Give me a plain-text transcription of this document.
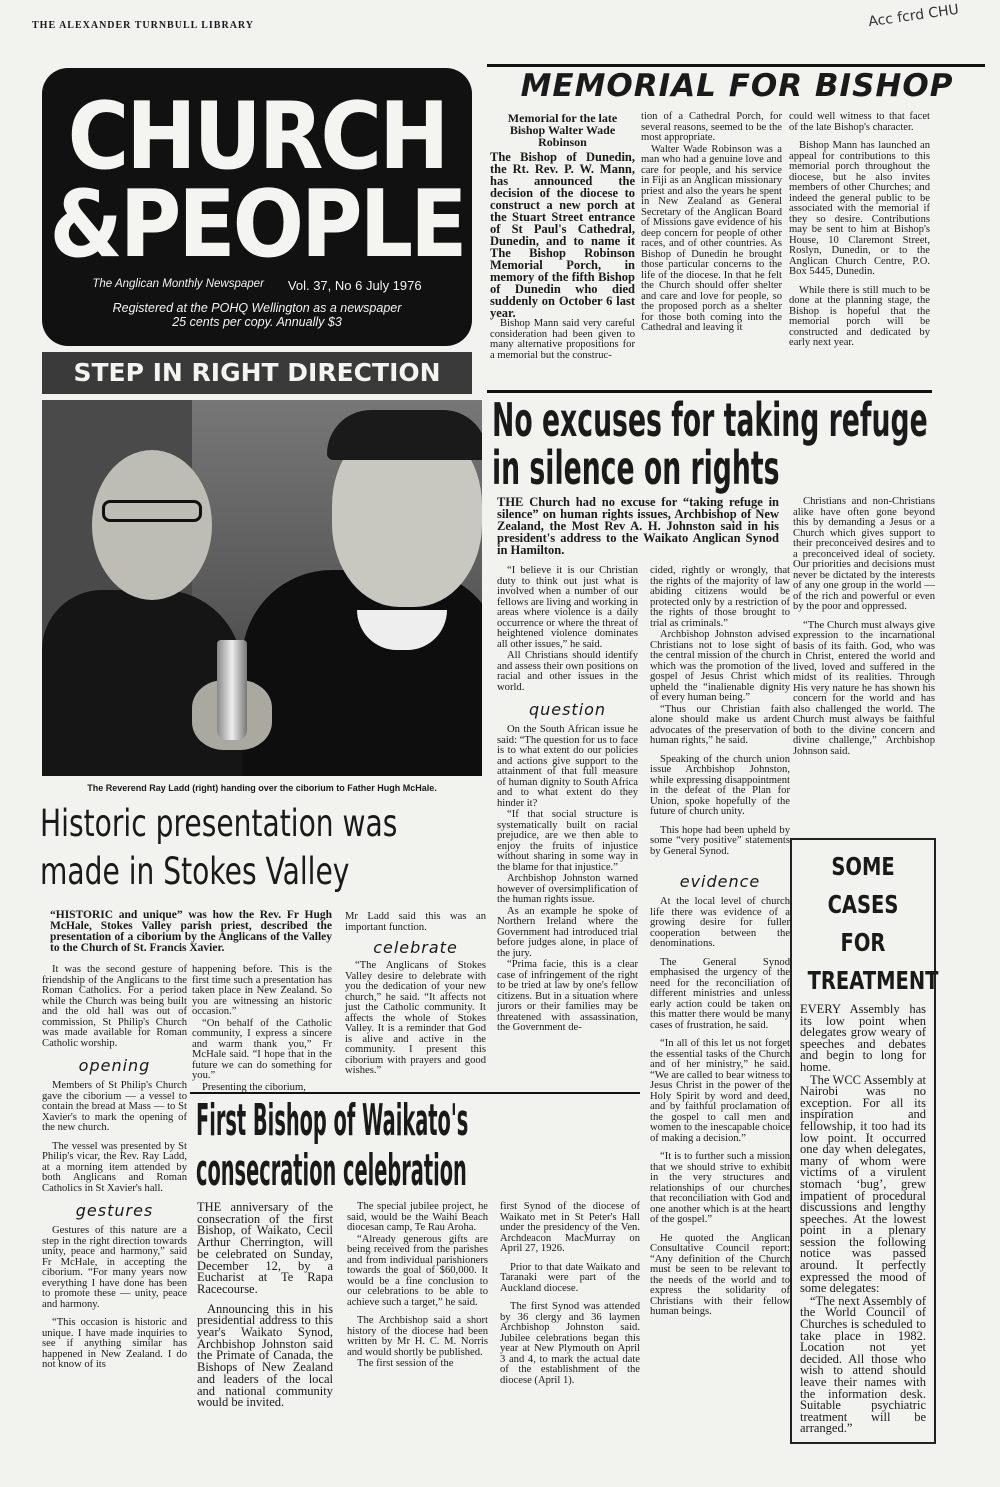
THE ALEXANDER TURNBULL LIBRARY	Acc fcrd CHU
CHURCH
&PEOPLE
The Anglican Monthly Newspaper Vol. 37, No 6 July 1976
Registered at the POHQ Wellington as a newspaper
25 cents per copy. Annually $3
STEP IN RIGHT DIRECTION
The Reverend Ray Ladd (right) handing over the ciborium to Father Hugh McHale.
MEMORIAL FOR BISHOP
Memorial for the late Bishop Walter Wade Robinson
The Bishop of Dunedin, the Rt. Rev. P. W. Mann, has announced the decision of the diocese to construct a new porch at the Stuart Street entrance of St Paul's Cathedral, Dunedin, and to name it The Bishop Robinson Memorial Porch, in memory of the fifth Bishop of Dunedin who died suddenly on October 6 last year.

Bishop Mann said very careful consideration had been given to many alternative propositions for a memorial but the construc-

tion of a Cathedral Porch, for several reasons, seemed to be the most appropriate.

Walter Wade Robinson was a man who had a genuine love and care for people, and his service in Fiji as an Anglican missionary priest and also the years he spent in New Zealand as General Secretary of the Anglican Board of Missions gave evidence of his deep concern for people of other races, and of other countries. As Bishop of Dunedin he brought those particular concerns to the life of the diocese. In that he felt the Church should offer shelter and care and love for people, so the proposed porch as a shelter for those both coming into the Cathedral and leaving it

could well witness to that facet of the late Bishop's character.

Bishop Mann has launched an appeal for contributions to this memorial porch throughout the diocese, but he also invites members of other Churches; and indeed the general public to be associated with the memorial if they so desire. Contributions may be sent to him at Bishop's House, 10 Claremont Street, Roslyn, Dunedin, or to the Anglican Church Centre, P.O. Box 5445, Dunedin.

While there is still much to be done at the planning stage, the Bishop is hopeful that the memorial porch will be constructed and dedicated by early next year.

No excuses for taking refuge
in silence on rights
THE Church had no excuse for “taking refuge in silence” on human rights issues, Archbishop of New Zealand, the Most Rev A. H. Johnston said in his president's address to the Waikato Anglican Synod in Hamilton.

“I believe it is our Christian duty to think out just what is involved when a number of our fellows are living and working in areas where violence is a daily occurrence or where the threat of heightened violence dominates all other issues,” he said.

All Christians should identify and assess their own positions on racial and other issues in the world.

question

On the South African issue he said: “The question for us to face is to what extent do our policies and actions give support to the attainment of that full measure of human dignity to South Africa and to what extent do they hinder it?

“If that social structure is systematically built on racial prejudice, are we then able to enjoy the fruits of injustice without sharing in some way in the blame for that injustice.”

Archbishop Johnston warned however of oversimplification of the human rights issue.

As an example he spoke of Northern Ireland where the Government had introduced trial before judges alone, in place of the jury.

“Prima facie, this is a clear case of infringement of the right to be tried at law by one's fellow citizens. But in a situation where jurors or their families may be threatened with assassination, the Government de-

cided, rightly or wrongly, that the rights of the majority of law abiding citizens would be protected only by a restriction of the rights of those brought to trial as criminals.”

Archbishop Johnston advised Christians not to lose sight of the central mission of the church which was the promotion of the gospel of Jesus Christ which upheld the “inalienable dignity of every human being.”

“Thus our Christian faith alone should make us ardent advocates of the preservation of human rights,” he said.

Speaking of the church union issue Archbishop Johnston, while expressing disappointment in the defeat of the Plan for Union, spoke hopefully of the future of church unity.

This hope had been upheld by some “very positive” statements by General Synod.

evidence

At the local level of church life there was evidence of a growing desire for fuller cooperation between the denominations.

The General Synod emphasised the urgency of the need for the reconciliation of different ministries and unless early action could be taken on this matter there would be many cases of frustration, he said.

“In all of this let us not forget the essential tasks of the Church and of her ministry,” he said. “We are called to bear witness to Jesus Christ in the power of the Holy Spirit by word and deed, and by faithful proclamation of the gospel to call men and women to the inescapable choice of making a decision.”

“It is to further such a mission that we should strive to exhibit in the very structures and relationships of our churches that reconciliation with God and one another which is at the heart of the gospel.”

He quoted the Anglican Consultative Council report: “Any definition of the Church must be seen to be relevant to the needs of the world and to express the solidarity of Christians with their fellow human beings.

Christians and non-Christians alike have often gone beyond this by demanding a Jesus or a Church which gives support to their preconceived desires and to a preconceived ideal of society. Our priorities and decisions must never be dictated by the interests of any one group in the world — of the rich and powerful or even by the poor and oppressed.

“The Church must always give expression to the incarnational basis of its faith. God, who was in Christ, entered the world and lived, loved and suffered in the midst of its realities. Through His very nature he has shown his concern for the world and has also challenged the world. The Church must always be faithful both to the divine concern and divine challenge,” Archbishop Johnson said.

SOME CASES
FOR
TREATMENT

EVERY Assembly has its low point when delegates grow weary of speeches and debates and begin to long for home.

The WCC Assembly at Nairobi was no exception. For all its inspiration and fellowship, it too had its low point. It occurred one day when delegates, many of whom were victims of a virulent stomach ‘bug’, grew impatient of procedural discussions and lengthy speeches. At the lowest point in a plenary session the following notice was passed around. It perfectly expressed the mood of some delegates:

“The next Assembly of the World Council of Churches is scheduled to take place in 1982. Location not yet decided. All those who wish to attend should leave their names with the information desk. Suitable psychiatric treatment will be arranged.”

Historic presentation was
made in Stokes Valley
“HISTORIC and unique” was how the Rev. Fr Hugh McHale, Stokes Valley parish priest, described the presentation of a ciborium by the Anglicans of the Valley to the Church of St. Francis Xavier.

It was the second gesture of friendship of the Anglicans to the Roman Catholics. For a period while the Church was being built and the old hall was out of commission, St Philip's Church was made available for Roman Catholic worship.

opening

Members of St Philip's Church gave the ciborium — a vessel to contain the bread at Mass — to St Xavier's to mark the opening of the new church.

The vessel was presented by St Philip's vicar, the Rev. Ray Ladd, at a morning item attended by both Anglicans and Roman Catholics in St Xavier's hall.

gestures

Gestures of this nature are a step in the right direction towards unity, peace and harmony,” said Fr McHale, in accepting the ciborium. “For many years now everything I have done has been to promote these — unity, peace and harmony.

“This occasion is historic and unique. I have made inquiries to see if anything similar has happened in New Zealand. I do not know of its

happening before. This is the first time such a presentation has taken place in New Zealand. So you are witnessing an historic occasion.”

“On behalf of the Catholic community, I express a sincere and warm thank you,” Fr McHale said. “I hope that in the future we can do something for you.”

Presenting the ciborium,

Mr Ladd said this was an important function.

celebrate

“The Anglicans of Stokes Valley desire to delebrate with you the dedication of your new church,” he said. “It affects not just the Catholic community. It affects the whole of Stokes Valley. It is a reminder that God is alive and active in the community. I present this ciborium with prayers and good wishes.”

First Bishop of Waikato's
consecration celebration

THE anniversary of the consecration of the first Bishop, of Waikato, Cecil Arthur Cherrington, will be celebrated on Sunday, December 12, by a Eucharist at Te Rapa Racecourse.

Announcing this in his presidential address to this year's Waikato Synod, Archbishop Johnston said the Primate of Canada, the Bishops of New Zealand and leaders of the local and national community would be invited.

The special jubilee project, he said, would be the Waihi Beach diocesan camp, Te Rau Aroha.

“Already generous gifts are being received from the parishes and from individual parishioners towards the goal of $60,000. It would be a fine conclusion to our celebrations to be able to achieve such a target,” he said.

The Archbishop said a short history of the diocese had been written by Mr H. C. M. Norris and would shortly be published.

The first session of the

first Synod of the diocese of Waikato met in St Peter's Hall under the presidency of the Ven. Archdeacon MacMurray on April 27, 1926.

Prior to that date Waikato and Taranaki were part of the Auckland diocese.

The first Synod was attended by 36 clergy and 36 laymen Archbishop Johnston said. Jubilee celebrations began this year at New Plymouth on April 3 and 4, to mark the actual date of the establishment of the diocese (April 1).
